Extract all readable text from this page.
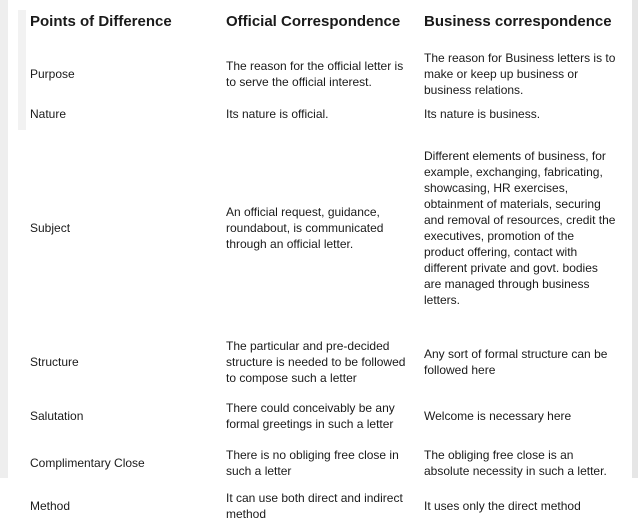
Points of Difference	Official Correspondence	Business correspondence
Purpose	The reason for the official letter is to serve the official interest.	The reason for Business letters is to make or keep up business or business relations.
Nature	Its nature is official.	Its nature is business.
Subject	An official request, guidance, roundabout, is communicated through an official letter.	Different elements of business, for example, exchanging, fabricating, showcasing, HR exercises, obtainment of materials, securing and removal of resources, credit the executives, promotion of the product offering, contact with different private and govt. bodies are managed through business letters.
Structure	The particular and pre-decided structure is needed to be followed to compose such a letter	Any sort of formal structure can be followed here
Salutation	There could conceivably be any formal greetings in such a letter	Welcome is necessary here
Complimentary Close	There is no obliging free close in such a letter	The obliging free close is an absolute necessity in such a letter.
Method	It can use both direct and indirect method	It uses only the direct method
